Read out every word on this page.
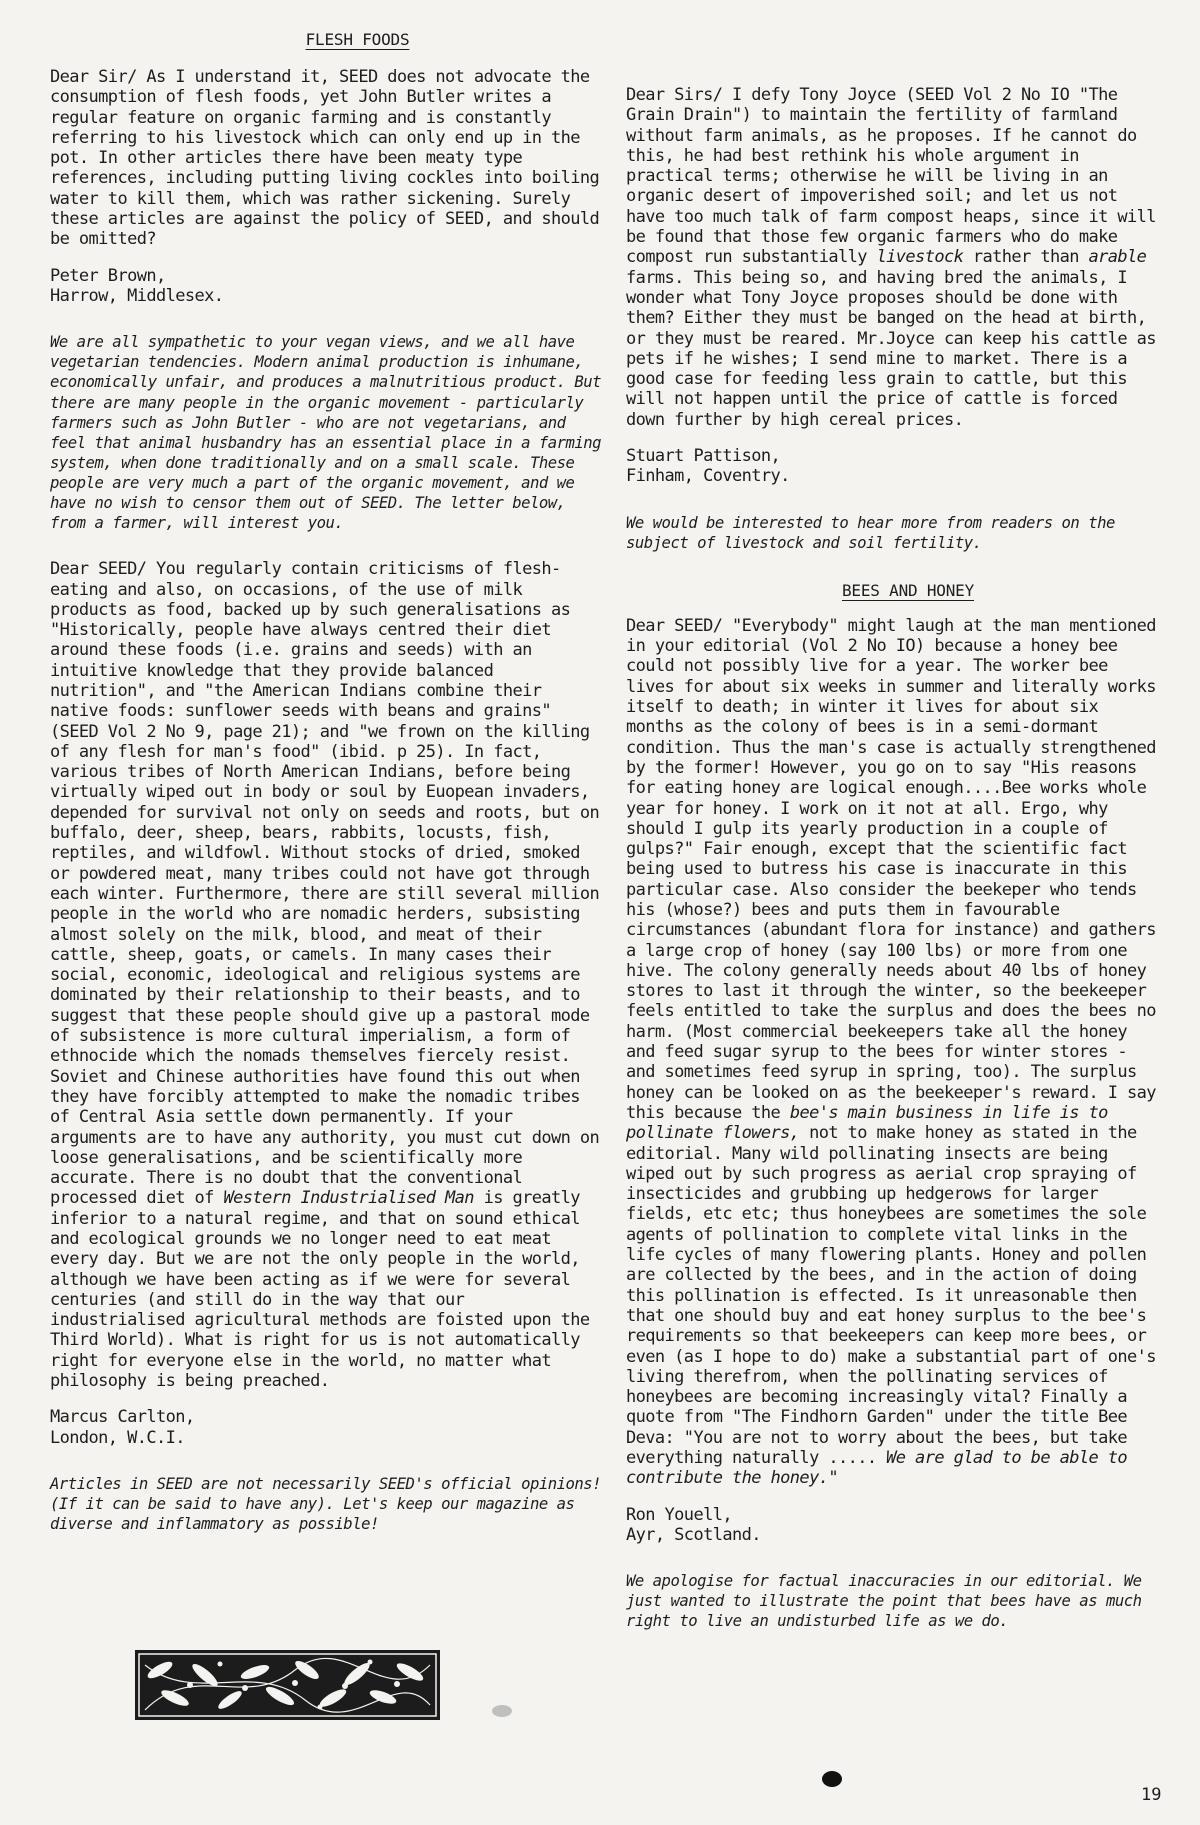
FLESH FOODS

Dear Sir/ As I understand it, SEED does not advocate the consumption of flesh foods, yet John Butler writes a regular feature on organic farming and is constantly referring to his livestock which can only end up in the pot. In other articles there have been meaty type references, including putting living cockles into boiling water to kill them, which was rather sickening. Surely these articles are against the policy of SEED, and should be omitted?

Peter Brown,

Harrow, Middlesex.

We are all sympathetic to your vegan views, and we all have vegetarian tendencies. Modern animal production is inhumane, economically unfair, and produces a malnutritious product. But there are many people in the organic movement - particularly farmers such as John Butler - who are not vegetarians, and feel that animal husbandry has an essential place in a farming system, when done traditionally and on a small scale. These people are very much a part of the organic movement, and we have no wish to censor them out of SEED. The letter below, from a farmer, will interest you.

Dear SEED/ You regularly contain criticisms of flesh-eating and also, on occasions, of the use of milk products as food, backed up by such generalisations as "Historically, people have always centred their diet around these foods (i.e. grains and seeds) with an intuitive knowledge that they provide balanced nutrition", and "the American Indians combine their native foods: sunflower seeds with beans and grains" (SEED Vol 2 No 9, page 21); and "we frown on the killing of any flesh for man's food" (ibid. p 25). In fact, various tribes of North American Indians, before being virtually wiped out in body or soul by Euopean invaders, depended for survival not only on seeds and roots, but on buffalo, deer, sheep, bears, rabbits, locusts, fish, reptiles, and wildfowl. Without stocks of dried, smoked or powdered meat, many tribes could not have got through each winter. Furthermore, there are still several million people in the world who are nomadic herders, subsisting almost solely on the milk, blood, and meat of their cattle, sheep, goats, or camels. In many cases their social, economic, ideological and religious systems are dominated by their relationship to their beasts, and to suggest that these people should give up a pastoral mode of subsistence is more cultural imperialism, a form of ethnocide which the nomads themselves fiercely resist. Soviet and Chinese authorities have found this out when they have forcibly attempted to make the nomadic tribes of Central Asia settle down permanently. If your arguments are to have any authority, you must cut down on loose generalisations, and be scientifically more accurate. There is no doubt that the conventional processed diet of Western Industrialised Man is greatly inferior to a natural regime, and that on sound ethical and ecological grounds we no longer need to eat meat every day. But we are not the only people in the world, although we have been acting as if we were for several centuries (and still do in the way that our industrialised agricultural methods are foisted upon the Third World). What is right for us is not automatically right for everyone else in the world, no matter what philosophy is being preached.

Marcus Carlton,

London, W.C.I.

Articles in SEED are not necessarily SEED's official opinions!(If it can be said to have any). Let's keep our magazine as diverse and inflammatory as possible!

Dear Sirs/ I defy Tony Joyce (SEED Vol 2 No IO "The Grain Drain") to maintain the fertility of farmland without farm animals, as he proposes. If he cannot do this, he had best rethink his whole argument in practical terms; otherwise he will be living in an organic desert of impoverished soil; and let us not have too much talk of farm compost heaps, since it will be found that those few organic farmers who do make compost run substantially livestock rather than arable farms. This being so, and having bred the animals, I wonder what Tony Joyce proposes should be done with them? Either they must be banged on the head at birth, or they must be reared. Mr.Joyce can keep his cattle as pets if he wishes; I send mine to market. There is a good case for feeding less grain to cattle, but this will not happen until the price of cattle is forced down further by high cereal prices.

Stuart Pattison,

Finham, Coventry.

We would be interested to hear more from readers on the subject of livestock and soil fertility.

BEES AND HONEY

Dear SEED/ "Everybody" might laugh at the man mentioned in your editorial (Vol 2 No IO) because a honey bee could not possibly live for a year. The worker bee lives for about six weeks in summer and literally works itself to death; in winter it lives for about six months as the colony of bees is in a semi-dormant condition. Thus the man's case is actually strengthened by the former! However, you go on to say "His reasons for eating honey are logical enough....Bee works whole year for honey. I work on it not at all. Ergo, why should I gulp its yearly production in a couple of gulps?" Fair enough, except that the scientific fact being used to butress his case is inaccurate in this particular case. Also consider the beekeper who tends his (whose?) bees and puts them in favourable circumstances (abundant flora for instance) and gathers a large crop of honey (say 100 lbs) or more from one hive. The colony generally needs about 40 lbs of honey stores to last it through the winter, so the beekeeper feels entitled to take the surplus and does the bees no harm. (Most commercial beekeepers take all the honey and feed sugar syrup to the bees for winter stores - and sometimes feed syrup in spring, too). The surplus honey can be looked on as the beekeeper's reward. I say this because the bee's main business in life is to pollinate flowers, not to make honey as stated in the editorial. Many wild pollinating insects are being wiped out by such progress as aerial crop spraying of insecticides and grubbing up hedgerows for larger fields, etc etc; thus honeybees are sometimes the sole agents of pollination to complete vital links in the life cycles of many flowering plants. Honey and pollen are collected by the bees, and in the action of doing this pollination is effected. Is it unreasonable then that one should buy and eat honey surplus to the bee's requirements so that beekeepers can keep more bees, or even (as I hope to do) make a substantial part of one's living therefrom, when the pollinating services of honeybees are becoming increasingly vital? Finally a quote from "The Findhorn Garden" under the title Bee Deva: "You are not to worry about the bees, but take everything naturally ..... We are glad to be able to contribute the honey."

Ron Youell,

Ayr, Scotland.

We apologise for factual inaccuracies in our editorial. We just wanted to illustrate the point that bees have as much right to live an undisturbed life as we do.

19
